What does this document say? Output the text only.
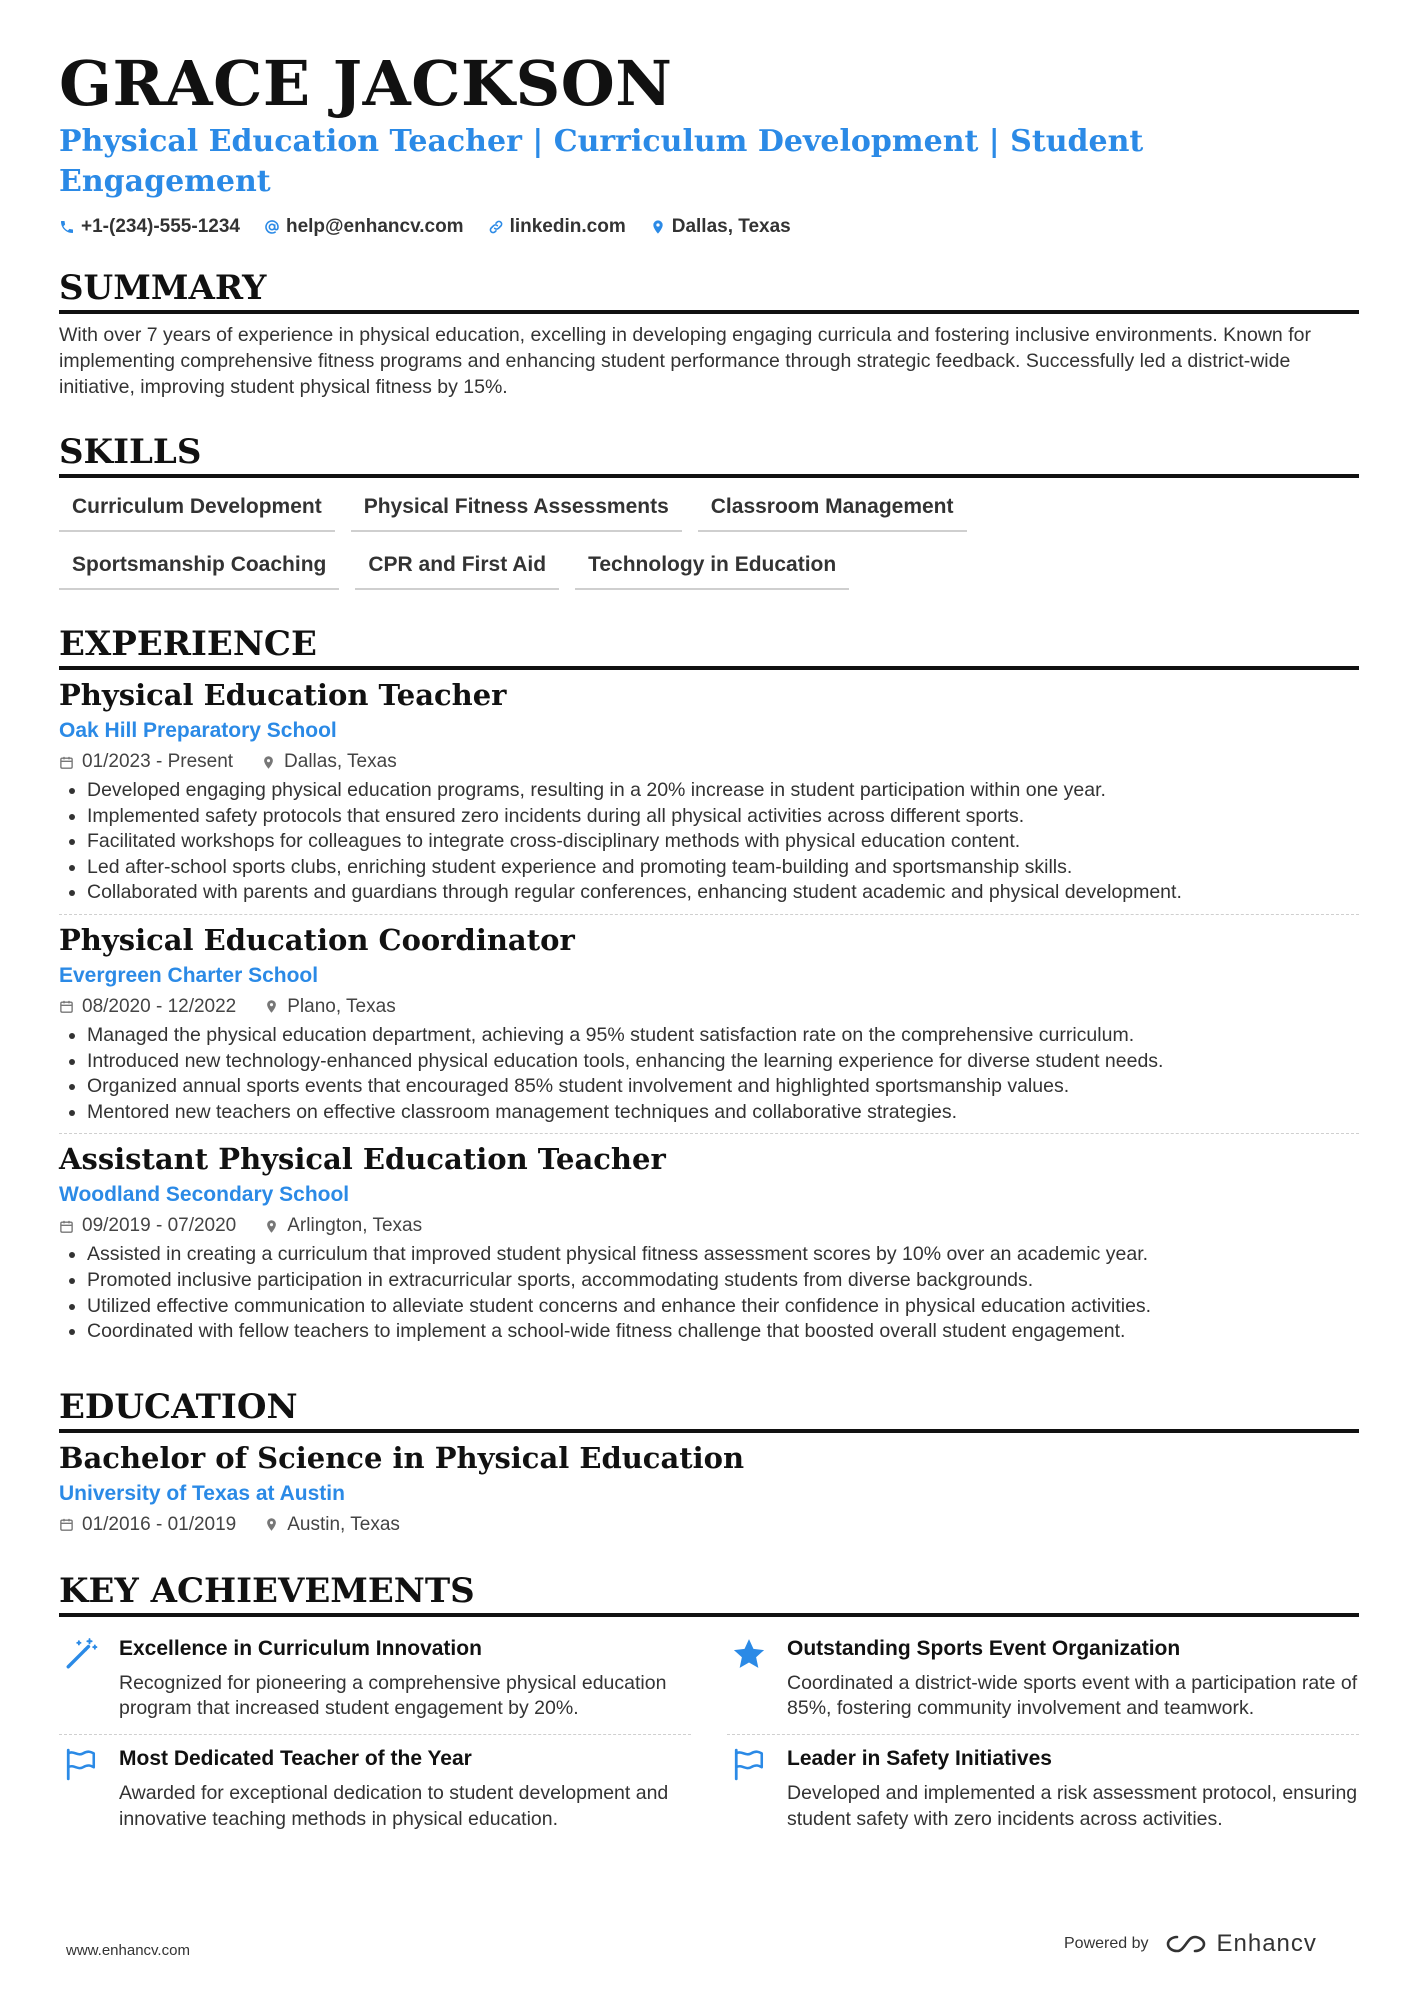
GRACE JACKSON
Physical Education Teacher | Curriculum Development | Student Engagement
+1-(234)-555-1234 help@enhancv.com linkedin.com Dallas, Texas
SUMMARY

With over 7 years of experience in physical education, excelling in developing engaging curricula and fostering inclusive environments. Known for implementing comprehensive fitness programs and enhancing student performance through strategic feedback. Successfully led a district-wide initiative, improving student physical fitness by 15%.

SKILLS
Curriculum Development	Physical Fitness Assessments	Classroom Management
Sportsmanship Coaching	CPR and First Aid	Technology in Education
EXPERIENCE
Physical Education Teacher
Oak Hill Preparatory School
01/2023 - Present	Dallas, Texas
• Developed engaging physical education programs, resulting in a 20% increase in student participation within one year.
• Implemented safety protocols that ensured zero incidents during all physical activities across different sports.
• Facilitated workshops for colleagues to integrate cross-disciplinary methods with physical education content.
• Led after-school sports clubs, enriching student experience and promoting team-building and sportsmanship skills.
• Collaborated with parents and guardians through regular conferences, enhancing student academic and physical development.
Physical Education Coordinator
Evergreen Charter School
08/2020 - 12/2022	Plano, Texas
• Managed the physical education department, achieving a 95% student satisfaction rate on the comprehensive curriculum.
• Introduced new technology-enhanced physical education tools, enhancing the learning experience for diverse student needs.
• Organized annual sports events that encouraged 85% student involvement and highlighted sportsmanship values.
• Mentored new teachers on effective classroom management techniques and collaborative strategies.
Assistant Physical Education Teacher
Woodland Secondary School
09/2019 - 07/2020	Arlington, Texas
• Assisted in creating a curriculum that improved student physical fitness assessment scores by 10% over an academic year.
• Promoted inclusive participation in extracurricular sports, accommodating students from diverse backgrounds.
• Utilized effective communication to alleviate student concerns and enhance their confidence in physical education activities.
• Coordinated with fellow teachers to implement a school-wide fitness challenge that boosted overall student engagement.
EDUCATION
Bachelor of Science in Physical Education
University of Texas at Austin
01/2016 - 01/2019	Austin, Texas
KEY ACHIEVEMENTS
Excellence in Curriculum Innovation
Recognized for pioneering a comprehensive physical education program that increased student engagement by 20%.
Outstanding Sports Event Organization
Coordinated a district-wide sports event with a participation rate of 85%, fostering community involvement and teamwork.
Most Dedicated Teacher of the Year
Awarded for exceptional dedication to student development and innovative teaching methods in physical education.
Leader in Safety Initiatives
Developed and implemented a risk assessment protocol, ensuring student safety with zero incidents across activities.
www.enhancv.com	Powered by	Enhancv
